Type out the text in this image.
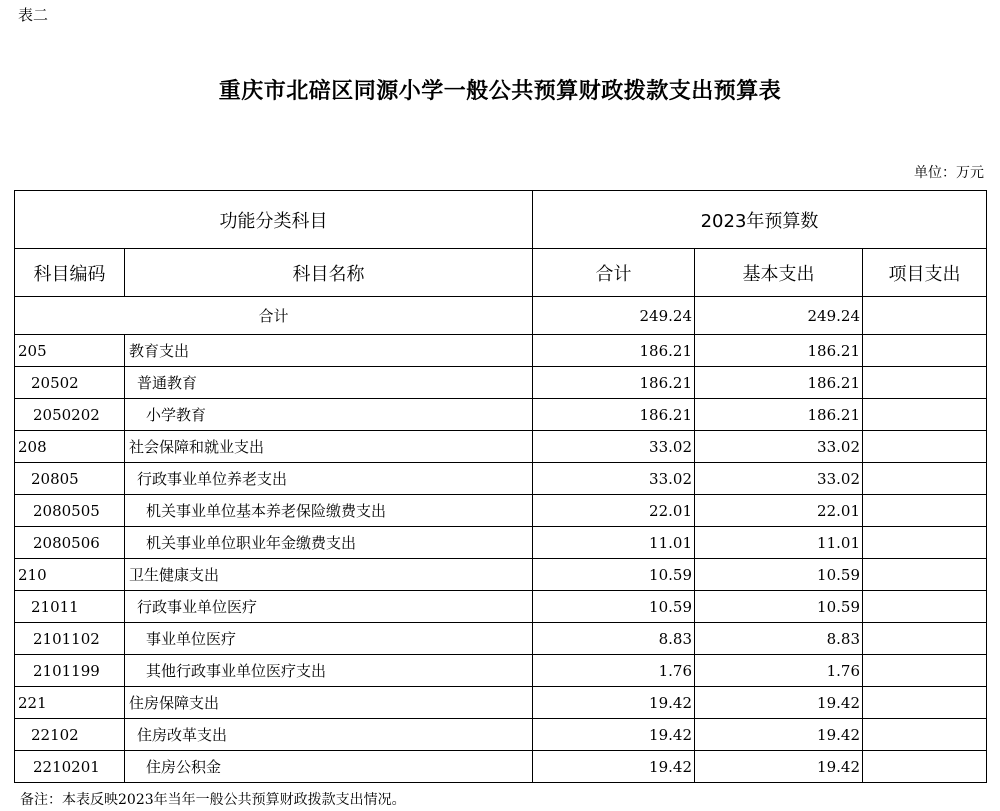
表二
重庆市北碚区同源小学一般公共预算财政拨款支出预算表
单位：万元
功能分类科目		2023年预算数		
科目编码	科目名称	合计	基本支出	项目支出
合计		249.24	249.24	
205	教育支出	186.21	186.21	
20502	普通教育	186.21	186.21	
2050202	小学教育	186.21	186.21	
208	社会保障和就业支出	33.02	33.02	
20805	行政事业单位养老支出	33.02	33.02	
2080505	机关事业单位基本养老保险缴费支出	22.01	22.01	
2080506	机关事业单位职业年金缴费支出	11.01	11.01	
210	卫生健康支出	10.59	10.59	
21011	行政事业单位医疗	10.59	10.59	
2101102	事业单位医疗	8.83	8.83	
2101199	其他行政事业单位医疗支出	1.76	1.76	
221	住房保障支出	19.42	19.42	
22102	住房改革支出	19.42	19.42	
2210201	住房公积金	19.42	19.42	
备注：本表反映2023年当年一般公共预算财政拨款支出情况。
